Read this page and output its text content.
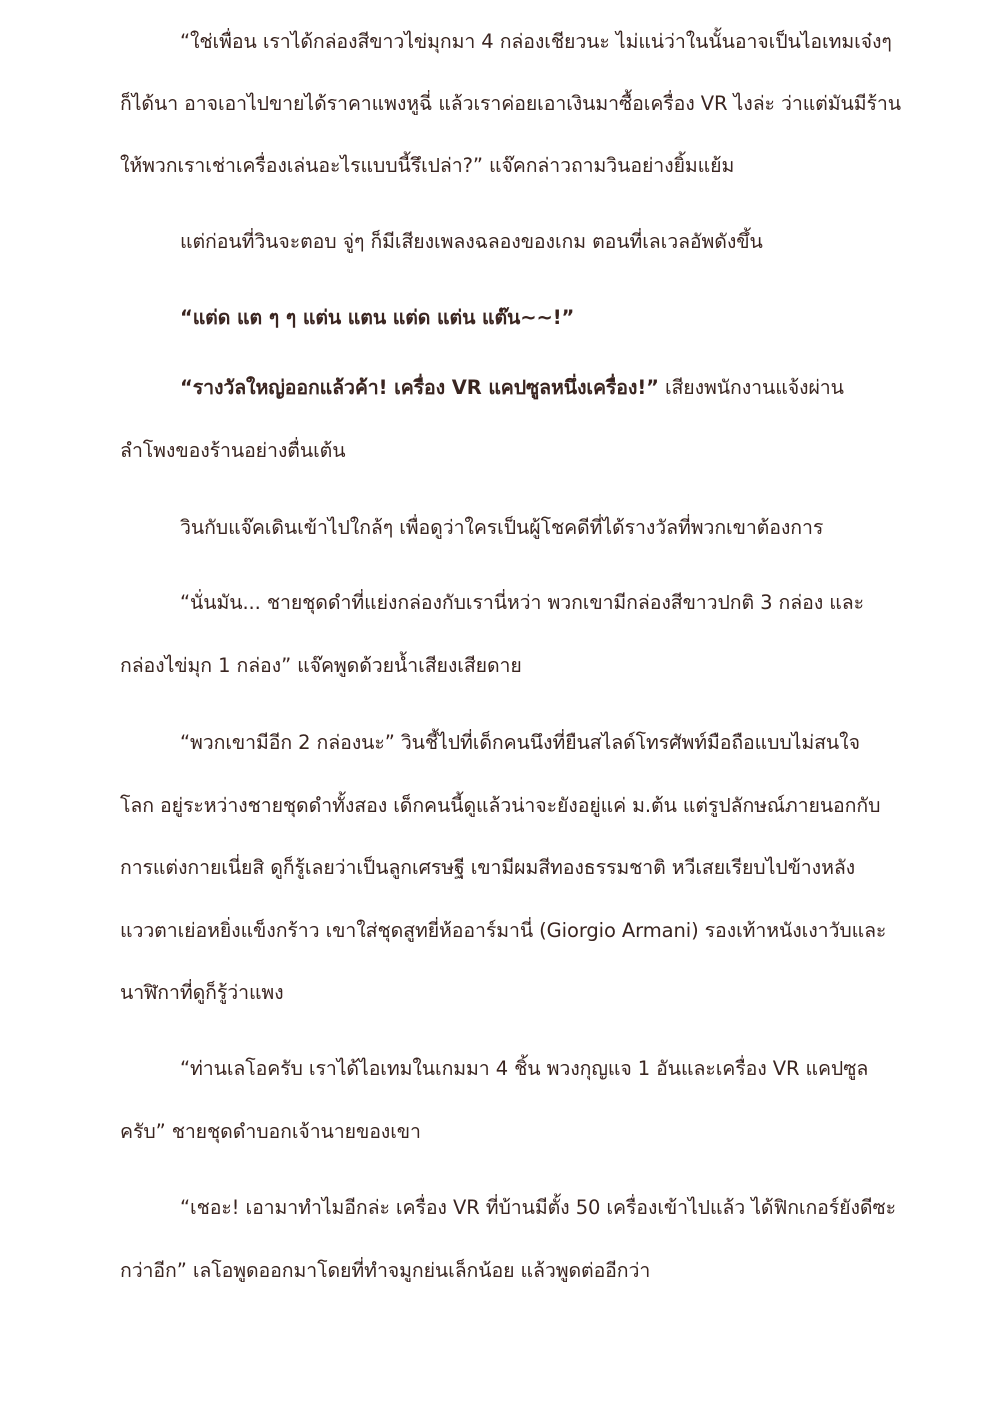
“ใช่เพื่อน เราได้กล่องสีขาวไข่มุกมา 4 กล่องเชียวนะ ไม่แน่ว่าในนั้นอาจเป็นไอเทมเจ๋งๆ
ก็ได้นา อาจเอาไปขายได้ราคาแพงหูฉี่ แล้วเราค่อยเอาเงินมาซื้อเครื่อง VR ไงล่ะ ว่าแต่มันมีร้าน
ให้พวกเราเช่าเครื่องเล่นอะไรแบบนี้รึเปล่า?” แจ๊คกล่าวถามวินอย่างยิ้มแย้ม
แต่ก่อนที่วินจะตอบ จู่ๆ ก็มีเสียงเพลงฉลองของเกม ตอนที่เลเวลอัพดังขึ้น
“แต่ด แต ๆ ๆ แต่น แตน แต่ด แต่น แต๊น~~!”
“รางวัลใหญ่ออกแล้วค้า! เครื่อง VR แคปซูลหนึ่งเครื่อง!” เสียงพนักงานแจ้งผ่าน
ลำโพงของร้านอย่างตื่นเต้น
วินกับแจ๊คเดินเข้าไปใกล้ๆ เพื่อดูว่าใครเป็นผู้โชคดีที่ได้รางวัลที่พวกเขาต้องการ
“นั่นมัน... ชายชุดดำที่แย่งกล่องกับเรานี่หว่า พวกเขามีกล่องสีขาวปกติ 3 กล่อง และ
กล่องไข่มุก 1 กล่อง” แจ๊คพูดด้วยน้ำเสียงเสียดาย
“พวกเขามีอีก 2 กล่องนะ” วินชี้ไปที่เด็กคนนึงที่ยืนสไลด์โทรศัพท์มือถือแบบไม่สนใจ
โลก อยู่ระหว่างชายชุดดำทั้งสอง เด็กคนนี้ดูแล้วน่าจะยังอยู่แค่ ม.ต้น แต่รูปลักษณ์ภายนอกกับ
การแต่งกายเนี่ยสิ ดูก็รู้เลยว่าเป็นลูกเศรษฐี เขามีผมสีทองธรรมชาติ หวีเสยเรียบไปข้างหลัง
แววตาเย่อหยิ่งแข็งกร้าว เขาใส่ชุดสูทยี่ห้ออาร์มานี่ (Giorgio Armani) รองเท้าหนังเงาวับและ
นาฬิกาที่ดูก็รู้ว่าแพง
“ท่านเลโอครับ เราได้ไอเทมในเกมมา 4 ชิ้น พวงกุญแจ 1 อันและเครื่อง VR แคปซูล
ครับ” ชายชุดดำบอกเจ้านายของเขา
“เชอะ! เอามาทำไมอีกล่ะ เครื่อง VR ที่บ้านมีตั้ง 50 เครื่องเข้าไปแล้ว ได้ฟิกเกอร์ยังดีซะ
กว่าอีก” เลโอพูดออกมาโดยที่ทำจมูกย่นเล็กน้อย แล้วพูดต่ออีกว่า
